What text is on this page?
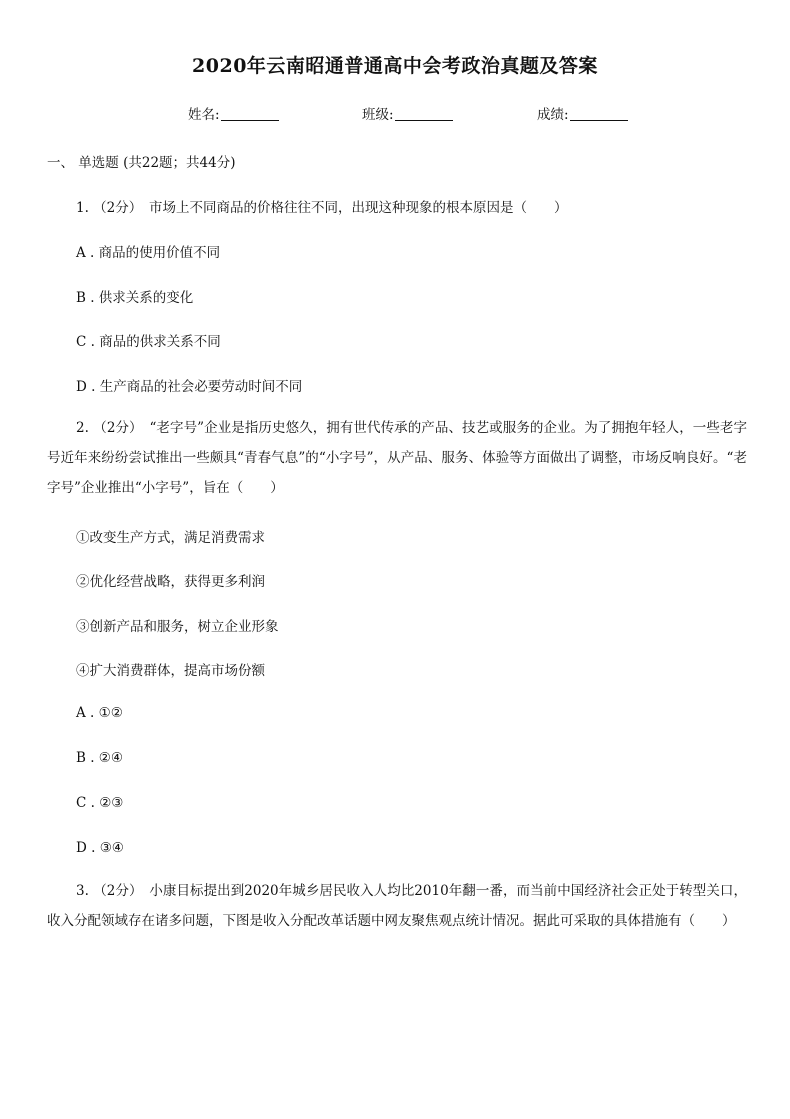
2020年云南昭通普通高中会考政治真题及答案
姓名:	班级:	成绩:
一、 单选题 (共22题；共44分)
1. （2分）　市场上不同商品的价格往往不同，出现这种现象的根本原因是（　　）
A . 商品的使用价值不同
B . 供求关系的变化
C . 商品的供求关系不同
D . 生产商品的社会必要劳动时间不同
2. （2分）　“老字号”企业是指历史悠久，拥有世代传承的产品、技艺或服务的企业。为了拥抱年轻人，一些老字号近年来纷纷尝试推出一些颇具“青春气息”的“小字号”，从产品、服务、体验等方面做出了调整，市场反响良好。“老字号”企业推出“小字号”，旨在（　　）
①改变生产方式，满足消费需求
②优化经营战略，获得更多利润
③创新产品和服务，树立企业形象
④扩大消费群体，提高市场份额
A . ①②
B . ②④
C . ②③
D . ③④
3. （2分）　小康目标提出到2020年城乡居民收入人均比2010年翻一番，而当前中国经济社会正处于转型关口，收入分配领域存在诸多问题，下图是收入分配改革话题中网友聚焦观点统计情况。据此可采取的具体措施有（　　）
